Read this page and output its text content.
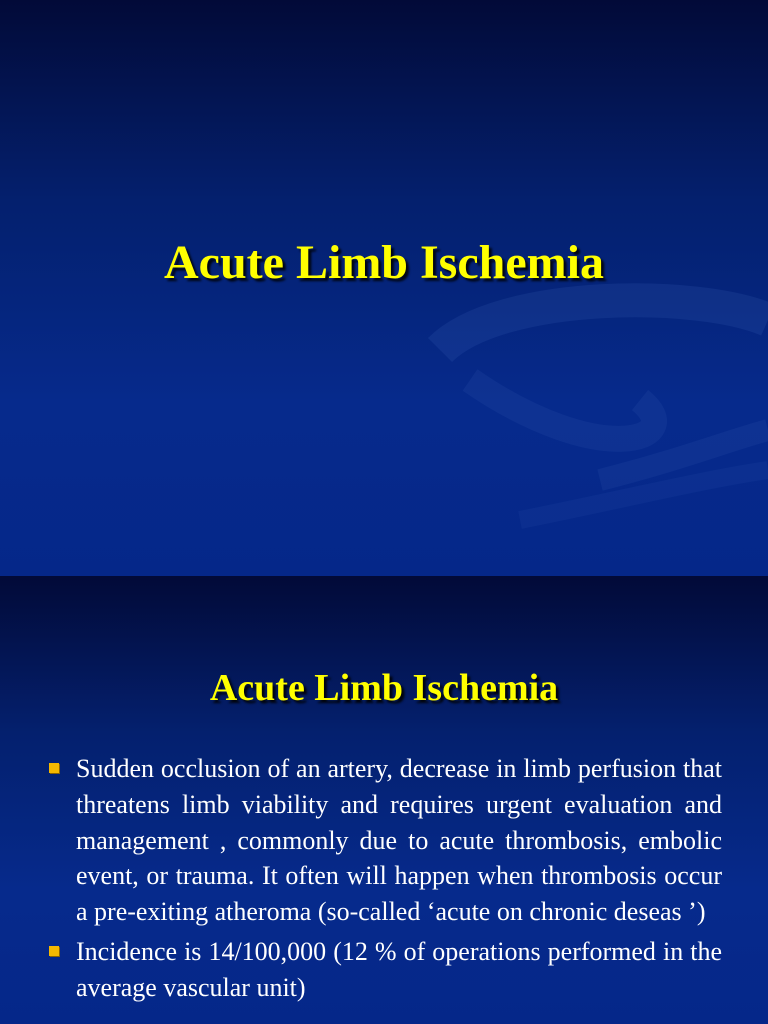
Acute Limb Ischemia
Acute Limb Ischemia
Sudden occlusion of an artery, decrease in limb perfusion that threatens limb viability and requires urgent evaluation and management , commonly due to acute thrombosis, embolic event, or trauma. It often will happen when thrombosis occur a pre-exiting atheroma (so-called ‘acute on chronic deseas ’)
Incidence is 14/100,000 (12 % of operations performed in the average vascular unit)
